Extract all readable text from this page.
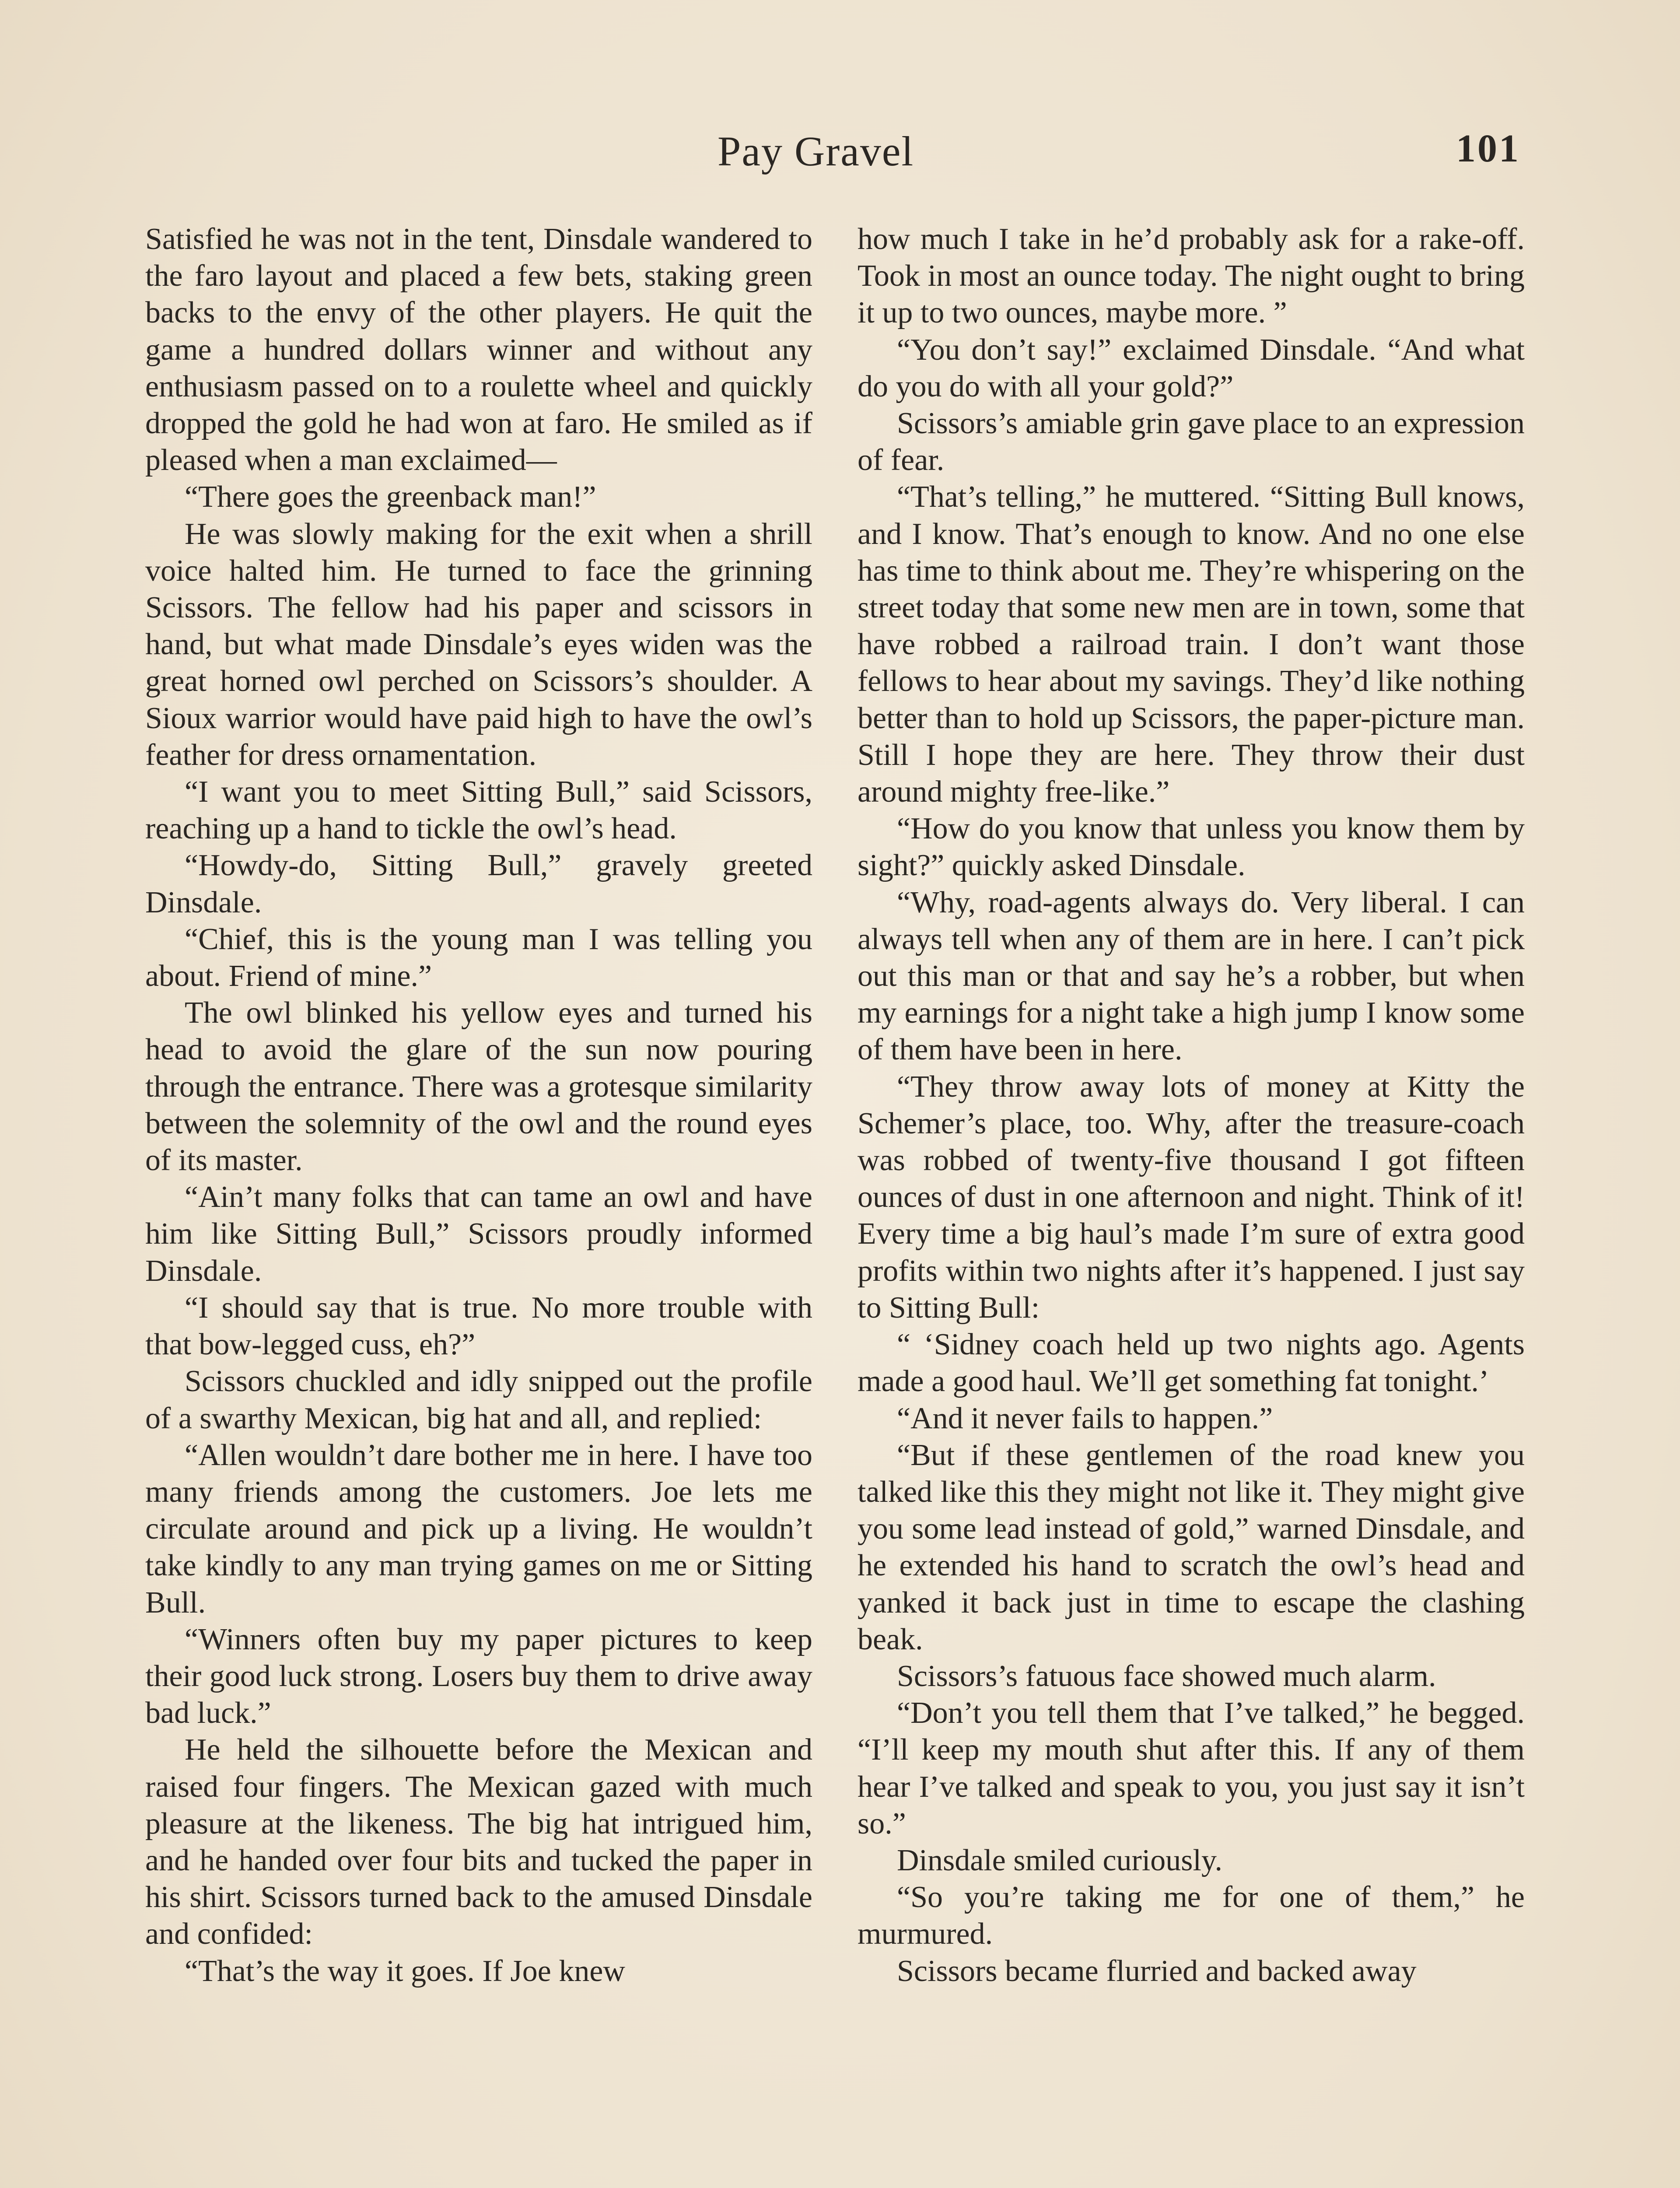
Pay Gravel	101

Satisfied he was not in the tent, Dinsdale wandered to the faro layout and placed a few bets, staking green backs to the envy of the other players. He quit the game a hundred dollars winner and without any enthusiasm passed on to a roulette wheel and quickly dropped the gold he had won at faro. He smiled as if pleased when a man exclaimed—

“There goes the greenback man!”

He was slowly making for the exit when a shrill voice halted him. He turned to face the grinning Scissors. The fellow had his paper and scissors in hand, but what made Dinsdale’s eyes widen was the great horned owl perched on Scissors’s shoulder. A Sioux warrior would have paid high to have the owl’s feather for dress ornamentation.

“I want you to meet Sitting Bull,” said Scissors, reaching up a hand to tickle the owl’s head.

“Howdy-do, Sitting Bull,” gravely greeted Dinsdale.

“Chief, this is the young man I was telling you about. Friend of mine.”

The owl blinked his yellow eyes and turned his head to avoid the glare of the sun now pouring through the entrance. There was a grotesque similarity between the solemnity of the owl and the round eyes of its master.

“Ain’t many folks that can tame an owl and have him like Sitting Bull,” Scissors proudly informed Dinsdale.

“I should say that is true. No more trouble with that bow-legged cuss, eh?”

Scissors chuckled and idly snipped out the profile of a swarthy Mexican, big hat and all, and replied:

“Allen wouldn’t dare bother me in here. I have too many friends among the customers. Joe lets me circulate around and pick up a living. He wouldn’t take kindly to any man trying games on me or Sitting Bull.

“Winners often buy my paper pictures to keep their good luck strong. Losers buy them to drive away bad luck.”

He held the silhouette before the Mexican and raised four fingers. The Mexican gazed with much pleasure at the likeness. The big hat intrigued him, and he handed over four bits and tucked the paper in his shirt. Scissors turned back to the amused Dinsdale and confided:

“That’s the way it goes. If Joe knew

how much I take in he’d probably ask for a rake-off. Took in most an ounce today. The night ought to bring it up to two ounces, maybe more. ”

“You don’t say!” exclaimed Dinsdale. “And what do you do with all your gold?”

Scissors’s amiable grin gave place to an expression of fear.

“That’s telling,” he muttered. “Sitting Bull knows, and I know. That’s enough to know. And no one else has time to think about me. They’re whispering on the street today that some new men are in town, some that have robbed a railroad train. I don’t want those fellows to hear about my savings. They’d like nothing better than to hold up Scissors, the paper-picture man. Still I hope they are here. They throw their dust around mighty free-like.”

“How do you know that unless you know them by sight?” quickly asked Dinsdale.

“Why, road-agents always do. Very liberal. I can always tell when any of them are in here. I can’t pick out this man or that and say he’s a robber, but when my earnings for a night take a high jump I know some of them have been in here.

“They throw away lots of money at Kitty the Schemer’s place, too. Why, after the treasure-coach was robbed of twenty-five thousand I got fifteen ounces of dust in one afternoon and night. Think of it! Every time a big haul’s made I’m sure of extra good profits within two nights after it’s happened. I just say to Sitting Bull:

“ ‘Sidney coach held up two nights ago. Agents made a good haul. We’ll get something fat tonight.’

“And it never fails to happen.”

“But if these gentlemen of the road knew you talked like this they might not like it. They might give you some lead instead of gold,” warned Dinsdale, and he extended his hand to scratch the owl’s head and yanked it back just in time to escape the clashing beak.

Scissors’s fatuous face showed much alarm.

“Don’t you tell them that I’ve talked,” he begged. “I’ll keep my mouth shut after this. If any of them hear I’ve talked and speak to you, you just say it isn’t so.”

Dinsdale smiled curiously.

“So you’re taking me for one of them,” he murmured.

Scissors became flurried and backed away
